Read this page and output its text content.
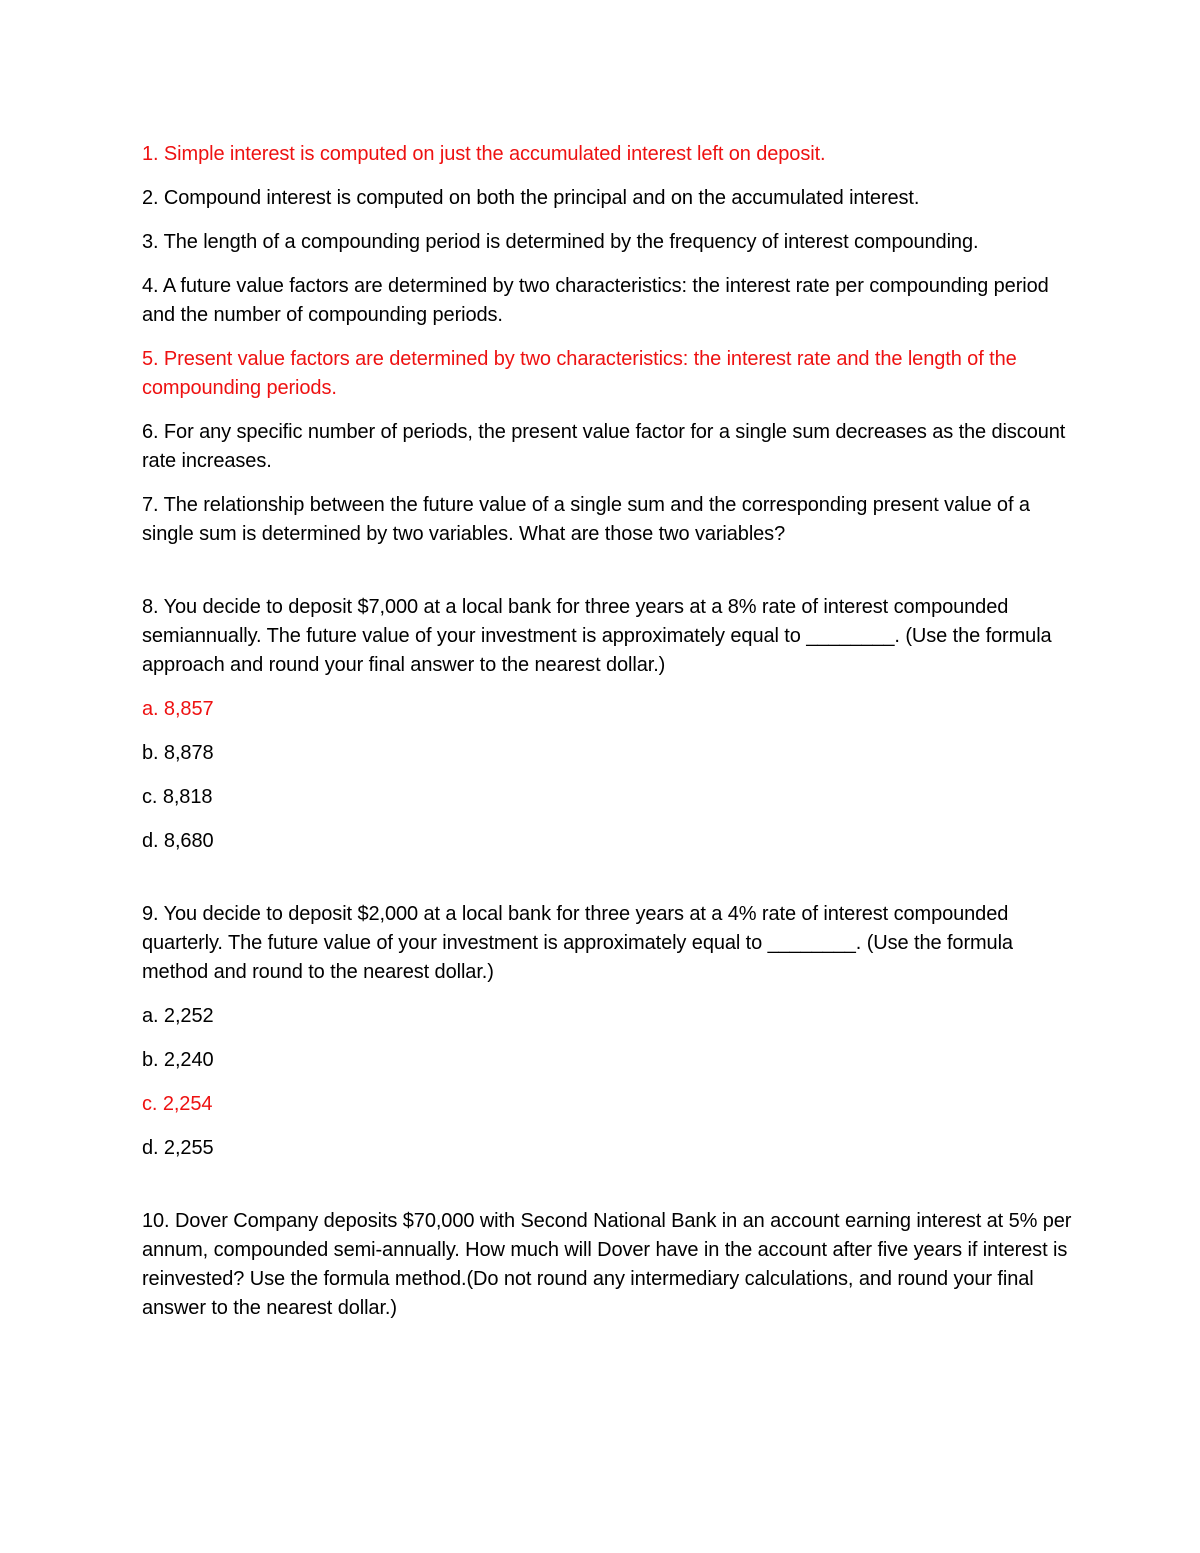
1. Simple interest is computed on just the accumulated interest left on deposit.

2. Compound interest is computed on both the principal and on the accumulated interest.

3. The length of a compounding period is determined by the frequency of interest compounding.

4. A future value factors are determined by two characteristics: the interest rate per compounding period and the number of compounding periods.

5. Present value factors are determined by two characteristics: the interest rate and the length of the compounding periods.

6. For any specific number of periods, the present value factor for a single sum decreases as the discount rate increases.

7. The relationship between the future value of a single sum and the corresponding present value of a single sum is determined by two variables. What are those two variables?

8. You decide to deposit $7,000 at a local bank for three years at a 8% rate of interest compounded semiannually. The future value of your investment is approximately equal to ________. (Use the formula approach and round your final answer to the nearest dollar.)

a. 8,857

b. 8,878

c. 8,818

d. 8,680

9. You decide to deposit $2,000 at a local bank for three years at a 4% rate of interest compounded quarterly. The future value of your investment is approximately equal to ________. (Use the formula method and round to the nearest dollar.)

a. 2,252

b. 2,240

c. 2,254

d. 2,255

10. Dover Company deposits $70,000 with Second National Bank in an account earning interest at 5% per annum, compounded semi-annually. How much will Dover have in the account after five years if interest is reinvested? Use the formula method.(Do not round any intermediary calculations, and round your final answer to the nearest dollar.)
